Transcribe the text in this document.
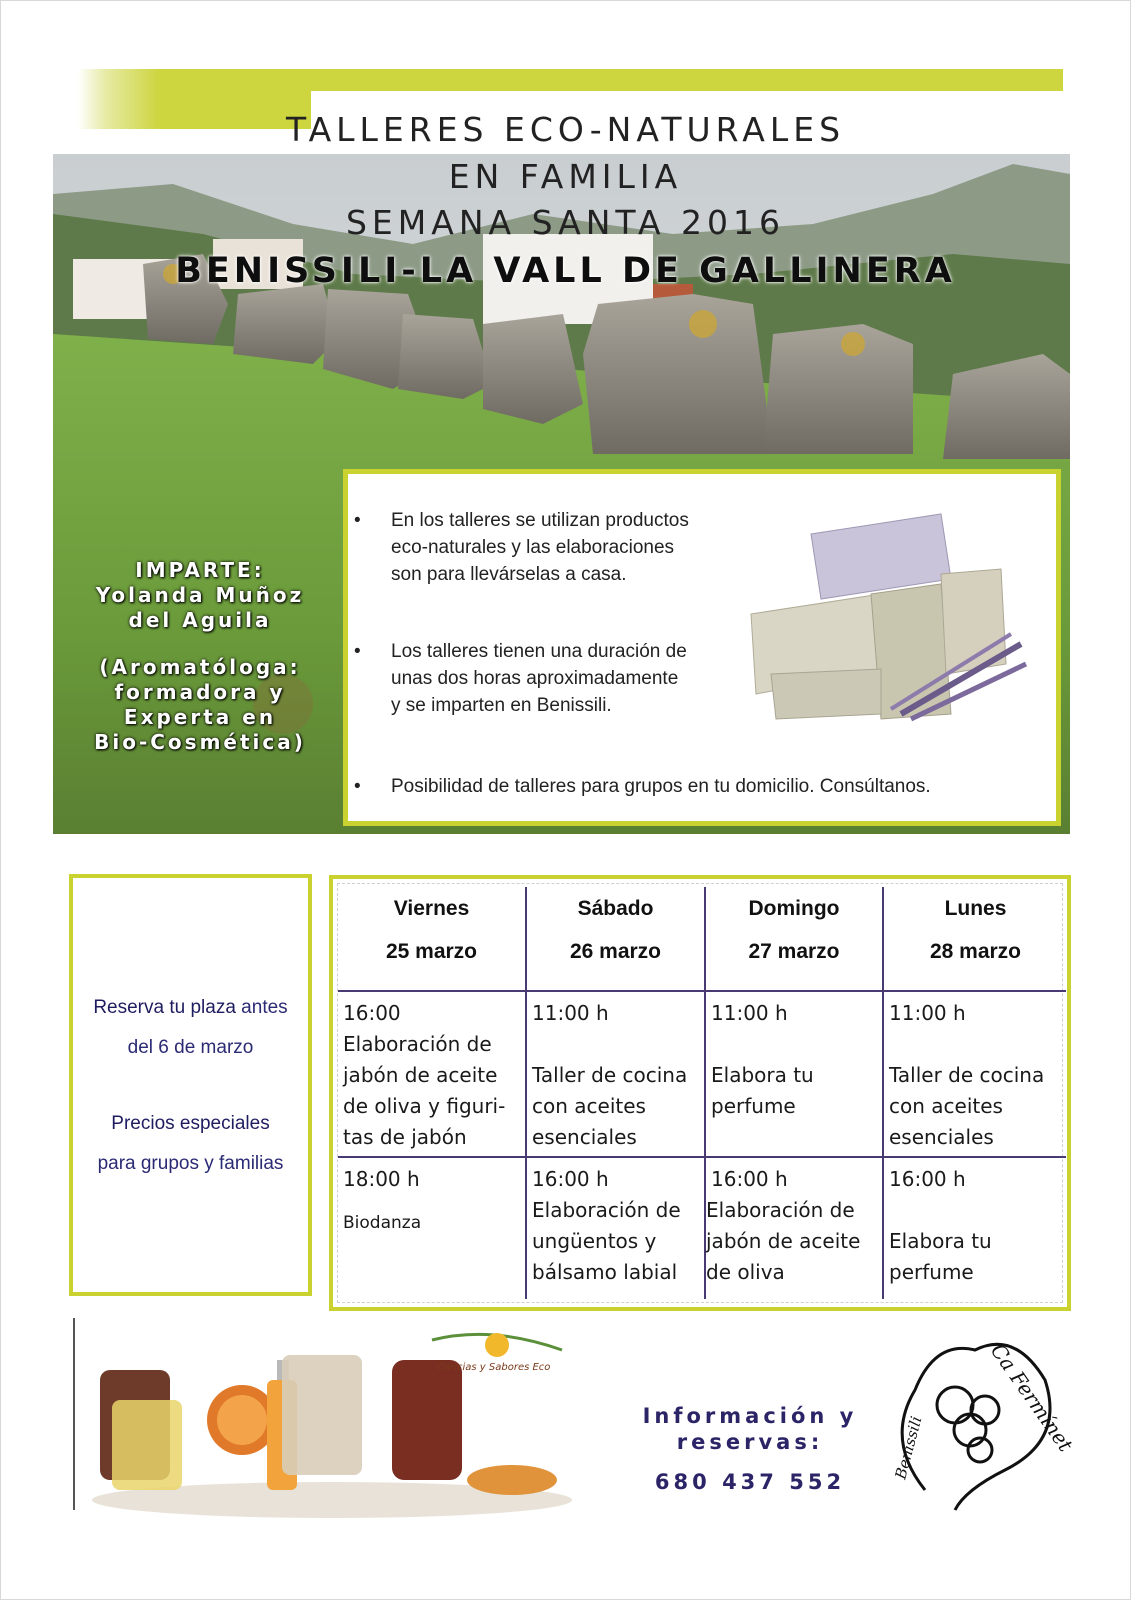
TALLERES ECO-NATURALES
EN FAMILIA
SEMANA SANTA 2016
BENISSILI-LA VALL DE GALLINERA

IMPARTE:

Yolanda Muñoz

del Aguila

(Aromatóloga:

formadora y

Experta en

Bio-Cosmética)

• En los talleres se utilizan productos
eco-naturales y las elaboraciones
son para llevárselas a casa.
• Los talleres tienen una duración de
unas dos horas aproximadamente
y se imparten en Benissili.
• Posibilidad de talleres para grupos en tu domicilio. Consúltanos.

Reserva tu plaza antes

del 6 de marzo

Precios especiales

para grupos y familias

Viernes
25 marzo
Sábado
26 marzo
Domingo
27 marzo
Lunes
28 marzo
16:00
Elaboración de
jabón de aceite
de oliva y figuri-
tas de jabón
11:00 h
Taller de cocina
con aceites
esenciales
11:00 h
Elabora tu
perfume
11:00 h
Taller de cocina
con aceites
esenciales
18:00 h
Biodanza
16:00 h
Elaboración de
ungüentos y
bálsamo labial
16:00 h
Elaboración de
jabón de aceite
de oliva
16:00 h
Elabora tu
perfume
Caricias y Sabores Eco
Información y
reservas:
680 437 552
Ca Fermínet
Benissili
